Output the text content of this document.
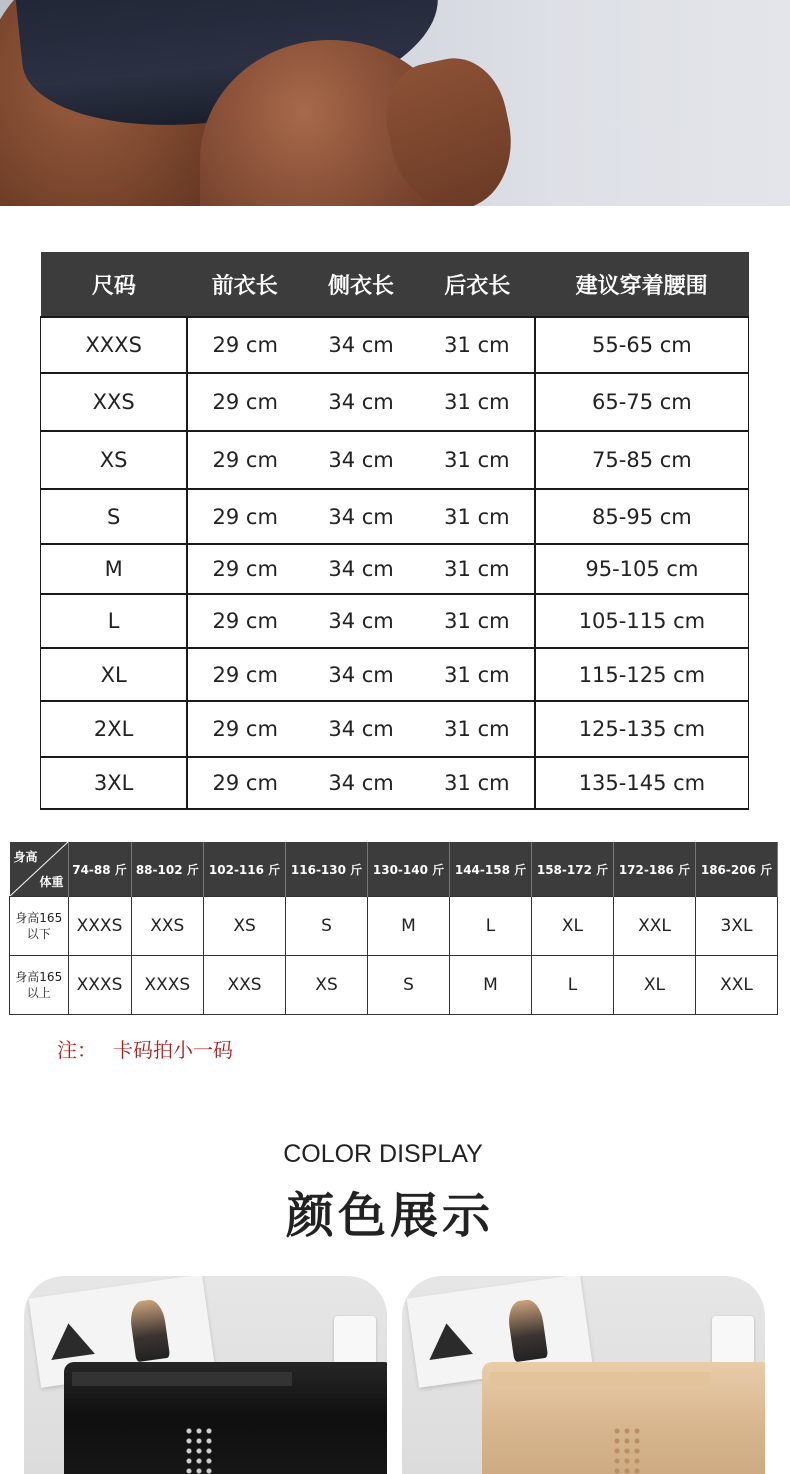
尺码	前衣长	侧衣长	后衣长	建议穿着腰围
XXXS	29 cm	34 cm	31 cm	55-65 cm
XXS	29 cm	34 cm	31 cm	65-75 cm
XS	29 cm	34 cm	31 cm	75-85 cm
S	29 cm	34 cm	31 cm	85-95 cm
M	29 cm	34 cm	31 cm	95-105 cm
L	29 cm	34 cm	31 cm	105-115 cm
XL	29 cm	34 cm	31 cm	115-125 cm
2XL	29 cm	34 cm	31 cm	125-135 cm
3XL	29 cm	34 cm	31 cm	135-145 cm
身高
体重	74-88 斤	88-102 斤	102-116 斤	116-130 斤	130-140 斤	144-158 斤	158-172 斤	172-186 斤	186-206 斤

身高165
以下	XXXS	XXS	XS	S	M	L	XL	XXL	3XL

身高165
以上	XXXS	XXXS	XXS	XS	S	M	L	XL	XXL
注： 卡码拍小一码
COLOR DISPLAY
颜色展示
